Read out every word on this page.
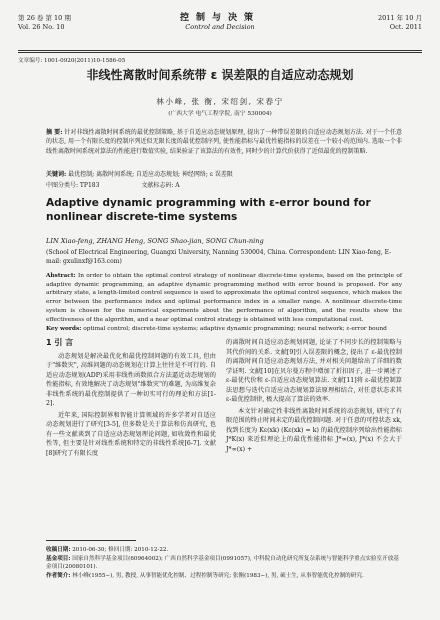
第 26 卷 第 10 期
Vol. 26 No. 10
控制与决策
Control and Decision
2011 年 10 月
Oct. 2011
文章编号: 1001-0920(2011)10-1586-05
非线性离散时间系统带 ε 误差限的自适应动态规划
林小峰, 张 衡, 宋绍剑, 宋春宁
(广西大学 电气工程学院, 南宁 530004)
摘 要: 针对非线性离散时间系统的最优控制策略, 基于自适应动态规划原理, 提出了一种带误差限的自适应动态规划方法. 对于一个任意的状态, 用一个有限长度的控制序列近似无限长度的最优控制序列, 使性能指标与最优性能指标的误差在一个较小的范围内. 选取一个非线性离散时间系统对算法的性能进行数值实验, 结果验证了该算法的有效性, 同时少的计算代价获得了近似最优的控制策略.
关键词: 最优控制; 离散时间系统; 自适应动态规划; 神经网络; ε 误差限
中图分类号: TP183	文献标志码: A
Adaptive dynamic programming with ε-error bound for nonlinear discrete-time systems
LIN Xiao-feng, ZHANG Heng, SONG Shao-jian, SONG Chun-ning
(School of Electrical Engineering, Guangxi University, Nanning 530004, China. Correspondent: LIN Xiao-feng, E-mail: gxulinxf@163.com)
Abstract: In order to obtain the optimal control strategy of nonlinear discrete-time systems, based on the principle of adaptive dynamic programming, an adaptive dynamic programming method with error bound is proposed. For any arbitrary state, a length-limited control sequence is used to approximate the optimal control sequence, which makes the error between the performance index and optimal performance index in a smaller range. A nonlinear discrete-time system is chosen for the numerical experiments about the performance of algorithm, and the results show the effectiveness of the algorithm, and a near optimal control strategy is obtained with less computational cost.
Key words: optimal control; discrete-time systems; adaptive dynamic programming; neural network; ε-error bound
1 引 言

动态规划是解决最优化和最优控制问题的有效工具, 但由于"维数灾", 高维问题的动态规划在计算上往往是不可行的. 自适应动态规划(ADP)采用非线性函数拟合方法逼近动态规划的性能指标, 有效地解决了动态规划"维数灾"的难题, 为高维复杂非线性系统的最优控制提供了一种切实可行的理论和方法[1-2].

近年来, 国际控制界和智能计算领域的许多学者对自适应动态规划进行了研究[3-5], 但多数是关于算法和仿真研究, 也有一些文献谈到了自适应动态规划理论问题, 如收敛性和最优性等, 但主要是针对线性系统和特定的非线性系统[6-7]. 文献[8]研究了有限长度

的离散时间自适应动态规划问题, 论证了不同步长的控制策略与其代价间的关系. 文献[9]引入误差限的概念, 提出了 ε-最优控制的离散时间自适应动态规划方法, 并对相关问题给出了详细的数学证明. 文献[10]在贝尔曼方程中增加了折扣因子, 进一步阐述了 ε-最优代价和 ε-自适应动态规划算法. 文献[11]将 ε-最优控制算法思想与迭代自适应动态规划算法原理相结合, 对任意状态求其 ε-最优控制律, 极大提高了算法的效率.

本文针对确定性非线性离散时间系统的动态规划, 研究了有限范围的终止时间未定的最优控制问题. 对于任意的可控状态 xk, 找到长度为 Kε(xk) (Kε(xk) = k) 的最优控制序列给出性能指标 J*K(x) 来近似理论上的最优性能指标 J*∞(x), J*(x) 不会大于 J*∞(x) +

收稿日期: 2010-06-30; 修回日期: 2010-12-22.
基金项目: 国家自然科学基金项目(60964002); 广西自然科学基金项目(0991057), 中科院自动化研究所复杂系统与智能科学重点实验室开放基金项目(20080101).
作者简介: 林小峰(1955−), 男, 教授, 从事智能优化控制、过程控制等研究; 张衡(1983−), 男, 硕士生, 从事智能优化控制的研究.
